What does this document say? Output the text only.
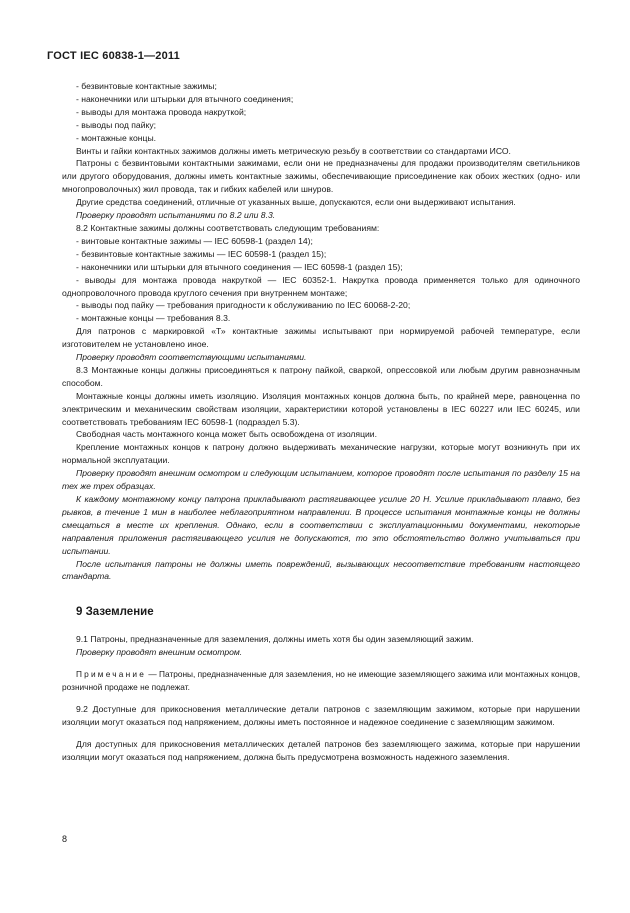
ГОСТ IEC 60838-1—2011

- безвинтовые контактные зажимы;

- наконечники или штырьки для втычного соединения;

- выводы для монтажа провода накруткой;

- выводы под пайку;

- монтажные концы.

Винты и гайки контактных зажимов должны иметь метрическую резьбу в соответствии со стандартами ИСО.

Патроны с безвинтовыми контактными зажимами, если они не предназначены для продажи производителям светильников или другого оборудования, должны иметь контактные зажимы, обеспечивающие присоединение как обоих жестких (одно- или многопроволочных) жил провода, так и гибких кабелей или шнуров.

Другие средства соединений, отличные от указанных выше, допускаются, если они выдерживают испытания.

Проверку проводят испытаниями по 8.2 или 8.3.

8.2 Контактные зажимы должны соответствовать следующим требованиям:

- винтовые контактные зажимы — IEC 60598-1 (раздел 14);

- безвинтовые контактные зажимы — IEC 60598-1 (раздел 15);

- наконечники или штырьки для втычного соединения — IEC 60598-1 (раздел 15);

- выводы для монтажа провода накруткой — IEC 60352-1. Накрутка провода применяется только для одиночного однопроволочного провода круглого сечения при внутреннем монтаже;

- выводы под пайку — требования пригодности к обслуживанию по IEC 60068-2-20;

- монтажные концы — требования 8.3.

Для патронов с маркировкой «Т» контактные зажимы испытывают при нормируемой рабочей температуре, если изготовителем не установлено иное.

Проверку проводят соответствующими испытаниями.

8.3 Монтажные концы должны присоединяться к патрону пайкой, сваркой, опрессовкой или любым другим равнозначным способом.

Монтажные концы должны иметь изоляцию. Изоляция монтажных концов должна быть, по крайней мере, равноценна по электрическим и механическим свойствам изоляции, характеристики которой установлены в IEC 60227 или IEC 60245, или соответствовать требованиям IEC 60598-1 (подраздел 5.3).

Свободная часть монтажного конца может быть освобождена от изоляции.

Крепление монтажных концов к патрону должно выдерживать механические нагрузки, которые могут возникнуть при их нормальной эксплуатации.

Проверку проводят внешним осмотром и следующим испытанием, которое проводят после испытания по разделу 15 на тех же трех образцах.

К каждому монтажному концу патрона прикладывают растягивающее усилие 20 Н. Усилие прикладывают плавно, без рывков, в течение 1 мин в наиболее неблагоприятном направлении. В процессе испытания монтажные концы не должны смещаться в месте их крепления. Однако, если в соответствии с эксплуатационными документами, некоторые направления приложения растягивающего усилия не допускаются, то это обстоятельство должно учитываться при испытании.

После испытания патроны не должны иметь повреждений, вызывающих несоответствие требованиям настоящего стандарта.

9 Заземление

9.1 Патроны, предназначенные для заземления, должны иметь хотя бы один заземляющий зажим.

Проверку проводят внешним осмотром.

Примечание — Патроны, предназначенные для заземления, но не имеющие заземляющего зажима или монтажных концов, розничной продаже не подлежат.

9.2 Доступные для прикосновения металлические детали патронов с заземляющим зажимом, которые при нарушении изоляции могут оказаться под напряжением, должны иметь постоянное и надежное соединение с заземляющим зажимом.

Для доступных для прикосновения металлических деталей патронов без заземляющего зажима, которые при нарушении изоляции могут оказаться под напряжением, должна быть предусмотрена возможность надежного заземления.

8
